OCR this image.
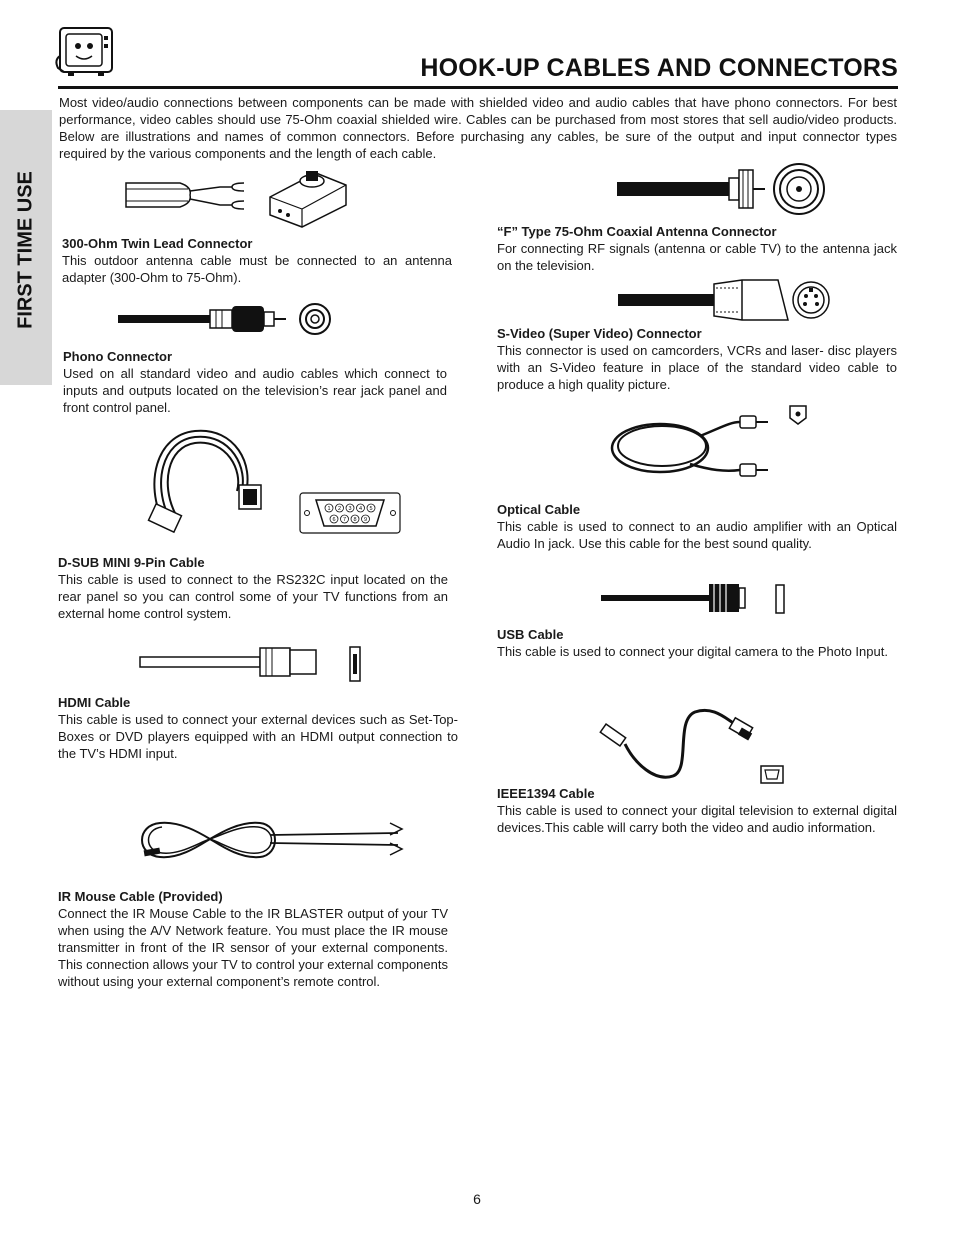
HOOK-UP CABLES AND CONNECTORS
FIRST TIME USE
Most video/audio connections between components can be made with shielded video and audio cables that have phono connectors. For best performance, video cables should use 75-Ohm coaxial shielded wire. Cables can be purchased from most stores that sell audio/video products. Below are illustrations and names of common connectors. Before purchasing any cables, be sure of the output and input connector types required by the various components and the length of each cable.
300-Ohm Twin Lead Connector

This outdoor antenna cable must be connected to an antenna adapter (300-Ohm to 75-Ohm).

Phono Connector

Used on all standard video and audio cables which connect to inputs and outputs located on the television’s rear jack panel and front control panel.

1 2 3 4 5
6 7 8 9
D-SUB MINI 9-Pin Cable

This cable is used to connect to the RS232C input located on the rear panel so you can control some of your TV functions from an external home control system.

HDMI Cable

This cable is used to connect your external devices such as Set-Top-Boxes or DVD players equipped with an HDMI output connection to the TV’s HDMI input.

IR Mouse Cable (Provided)

Connect the IR Mouse Cable to the IR BLASTER output of your TV when using the A/V Network feature. You must place the IR mouse transmitter in front of the IR sensor of your external components. This connection allows your TV to control your external components without using your external component’s remote control.

“F” Type 75-Ohm Coaxial Antenna Connector

For connecting RF signals (antenna or cable TV) to the antenna jack on the television.

S-Video (Super Video) Connector

This connector is used on camcorders, VCRs and laser- disc players with an S-Video feature in place of the standard video cable to produce a high quality picture.

Optical Cable

This cable is used to connect to an audio amplifier with an Optical Audio In jack. Use this cable for the best sound quality.

USB Cable

This cable is used to connect your digital camera to the Photo Input.

IEEE1394 Cable

This cable is used to connect your digital television to external digital devices.This cable will carry both the video and audio information.

6
